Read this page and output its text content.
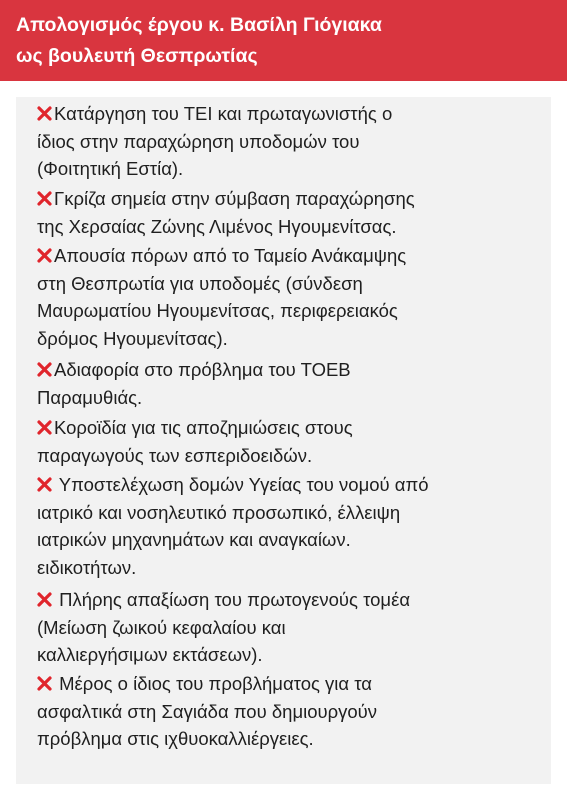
Απολογισμός έργου κ. Βασίλη Γιόγιακα
ως βουλευτή Θεσπρωτίας
Κατάργηση του ΤΕΙ και πρωταγωνιστής ο
ίδιος στην παραχώρηση υποδομών του
(Φοιτητική Εστία).
Γκρίζα σημεία στην σύμβαση παραχώρησης
της Χερσαίας Ζώνης Λιμένος Ηγουμενίτσας.
Απουσία πόρων από το Ταμείο Ανάκαμψης
στη Θεσπρωτία για υποδομές (σύνδεση
Μαυρωματίου Ηγουμενίτσας, περιφερειακός
δρόμος Ηγουμενίτσας).
Αδιαφορία στο πρόβλημα του ΤΟΕΒ
Παραμυθιάς.
Κοροϊδία για τις αποζημιώσεις στους
παραγωγούς των εσπεριδοειδών.
Υποστελέχωση δομών Υγείας του νομού από
ιατρικό και νοσηλευτικό προσωπικό, έλλειψη
ιατρικών μηχανημάτων και αναγκαίων.
ειδικοτήτων.
Πλήρης απαξίωση του πρωτογενούς τομέα
(Μείωση ζωικού κεφαλαίου και
καλλιεργήσιμων εκτάσεων).
Μέρος ο ίδιος του προβλήματος για τα
ασφαλτικά στη Σαγιάδα που δημιουργούν
πρόβλημα στις ιχθυοκαλλιέργειες.
